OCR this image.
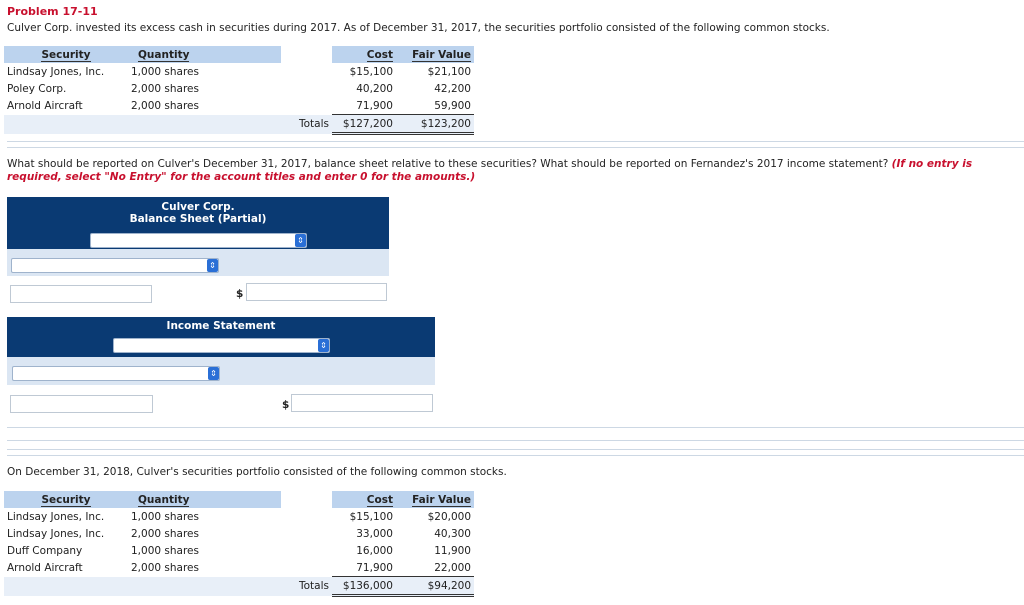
Problem 17-11
Culver Corp. invested its excess cash in securities during 2017. As of December 31, 2017, the securities portfolio consisted of the following common stocks.
Security	Quantity		Cost	Fair Value
Lindsay Jones, Inc.	1,000 shares		$15,100	$21,100
Poley Corp.	2,000 shares		40,200	42,200
Arnold Aircraft	2,000 shares		71,900	59,900
		Totals	$127,200	$123,200
What should be reported on Culver's December 31, 2017, balance sheet relative to these securities? What should be reported on Fernandez's 2017 income statement? (If no entry is required, select "No Entry" for the account titles and enter 0 for the amounts.)
Culver Corp.
Balance Sheet (Partial)
⇕
⇕
$
Income Statement
⇕
⇕
$
On December 31, 2018, Culver's securities portfolio consisted of the following common stocks.
Security	Quantity		Cost	Fair Value
Lindsay Jones, Inc.	1,000 shares		$15,100	$20,000
Lindsay Jones, Inc.	2,000 shares		33,000	40,300
Duff Company	1,000 shares		16,000	11,900
Arnold Aircraft	2,000 shares		71,900	22,000
		Totals	$136,000	$94,200
